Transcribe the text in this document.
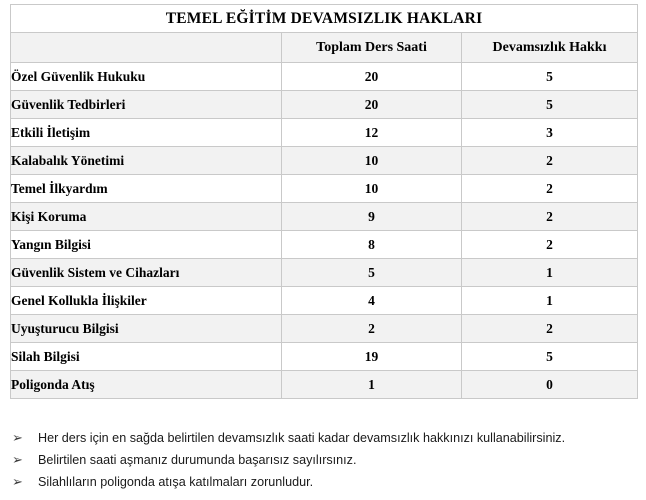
TEMEL EĞİTİM DEVAMSIZLIK HAKLARI		
	Toplam Ders Saati	Devamsızlık Hakkı
Özel Güvenlik Hukuku	20	5
Güvenlik Tedbirleri	20	5
Etkili İletişim	12	3
Kalabalık Yönetimi	10	2
Temel İlkyardım	10	2
Kişi Koruma	9	2
Yangın Bilgisi	8	2
Güvenlik Sistem ve Cihazları	5	1
Genel Kollukla İlişkiler	4	1
Uyuşturucu Bilgisi	2	2
Silah Bilgisi	19	5
Poligonda Atış	1	0
➢	Her ders için en sağda belirtilen devamsızlık saati kadar devamsızlık hakkınızı kullanabilirsiniz.
➢	Belirtilen saati aşmanız durumunda başarısız sayılırsınız.
➢	Silahlıların poligonda atışa katılmaları zorunludur.
